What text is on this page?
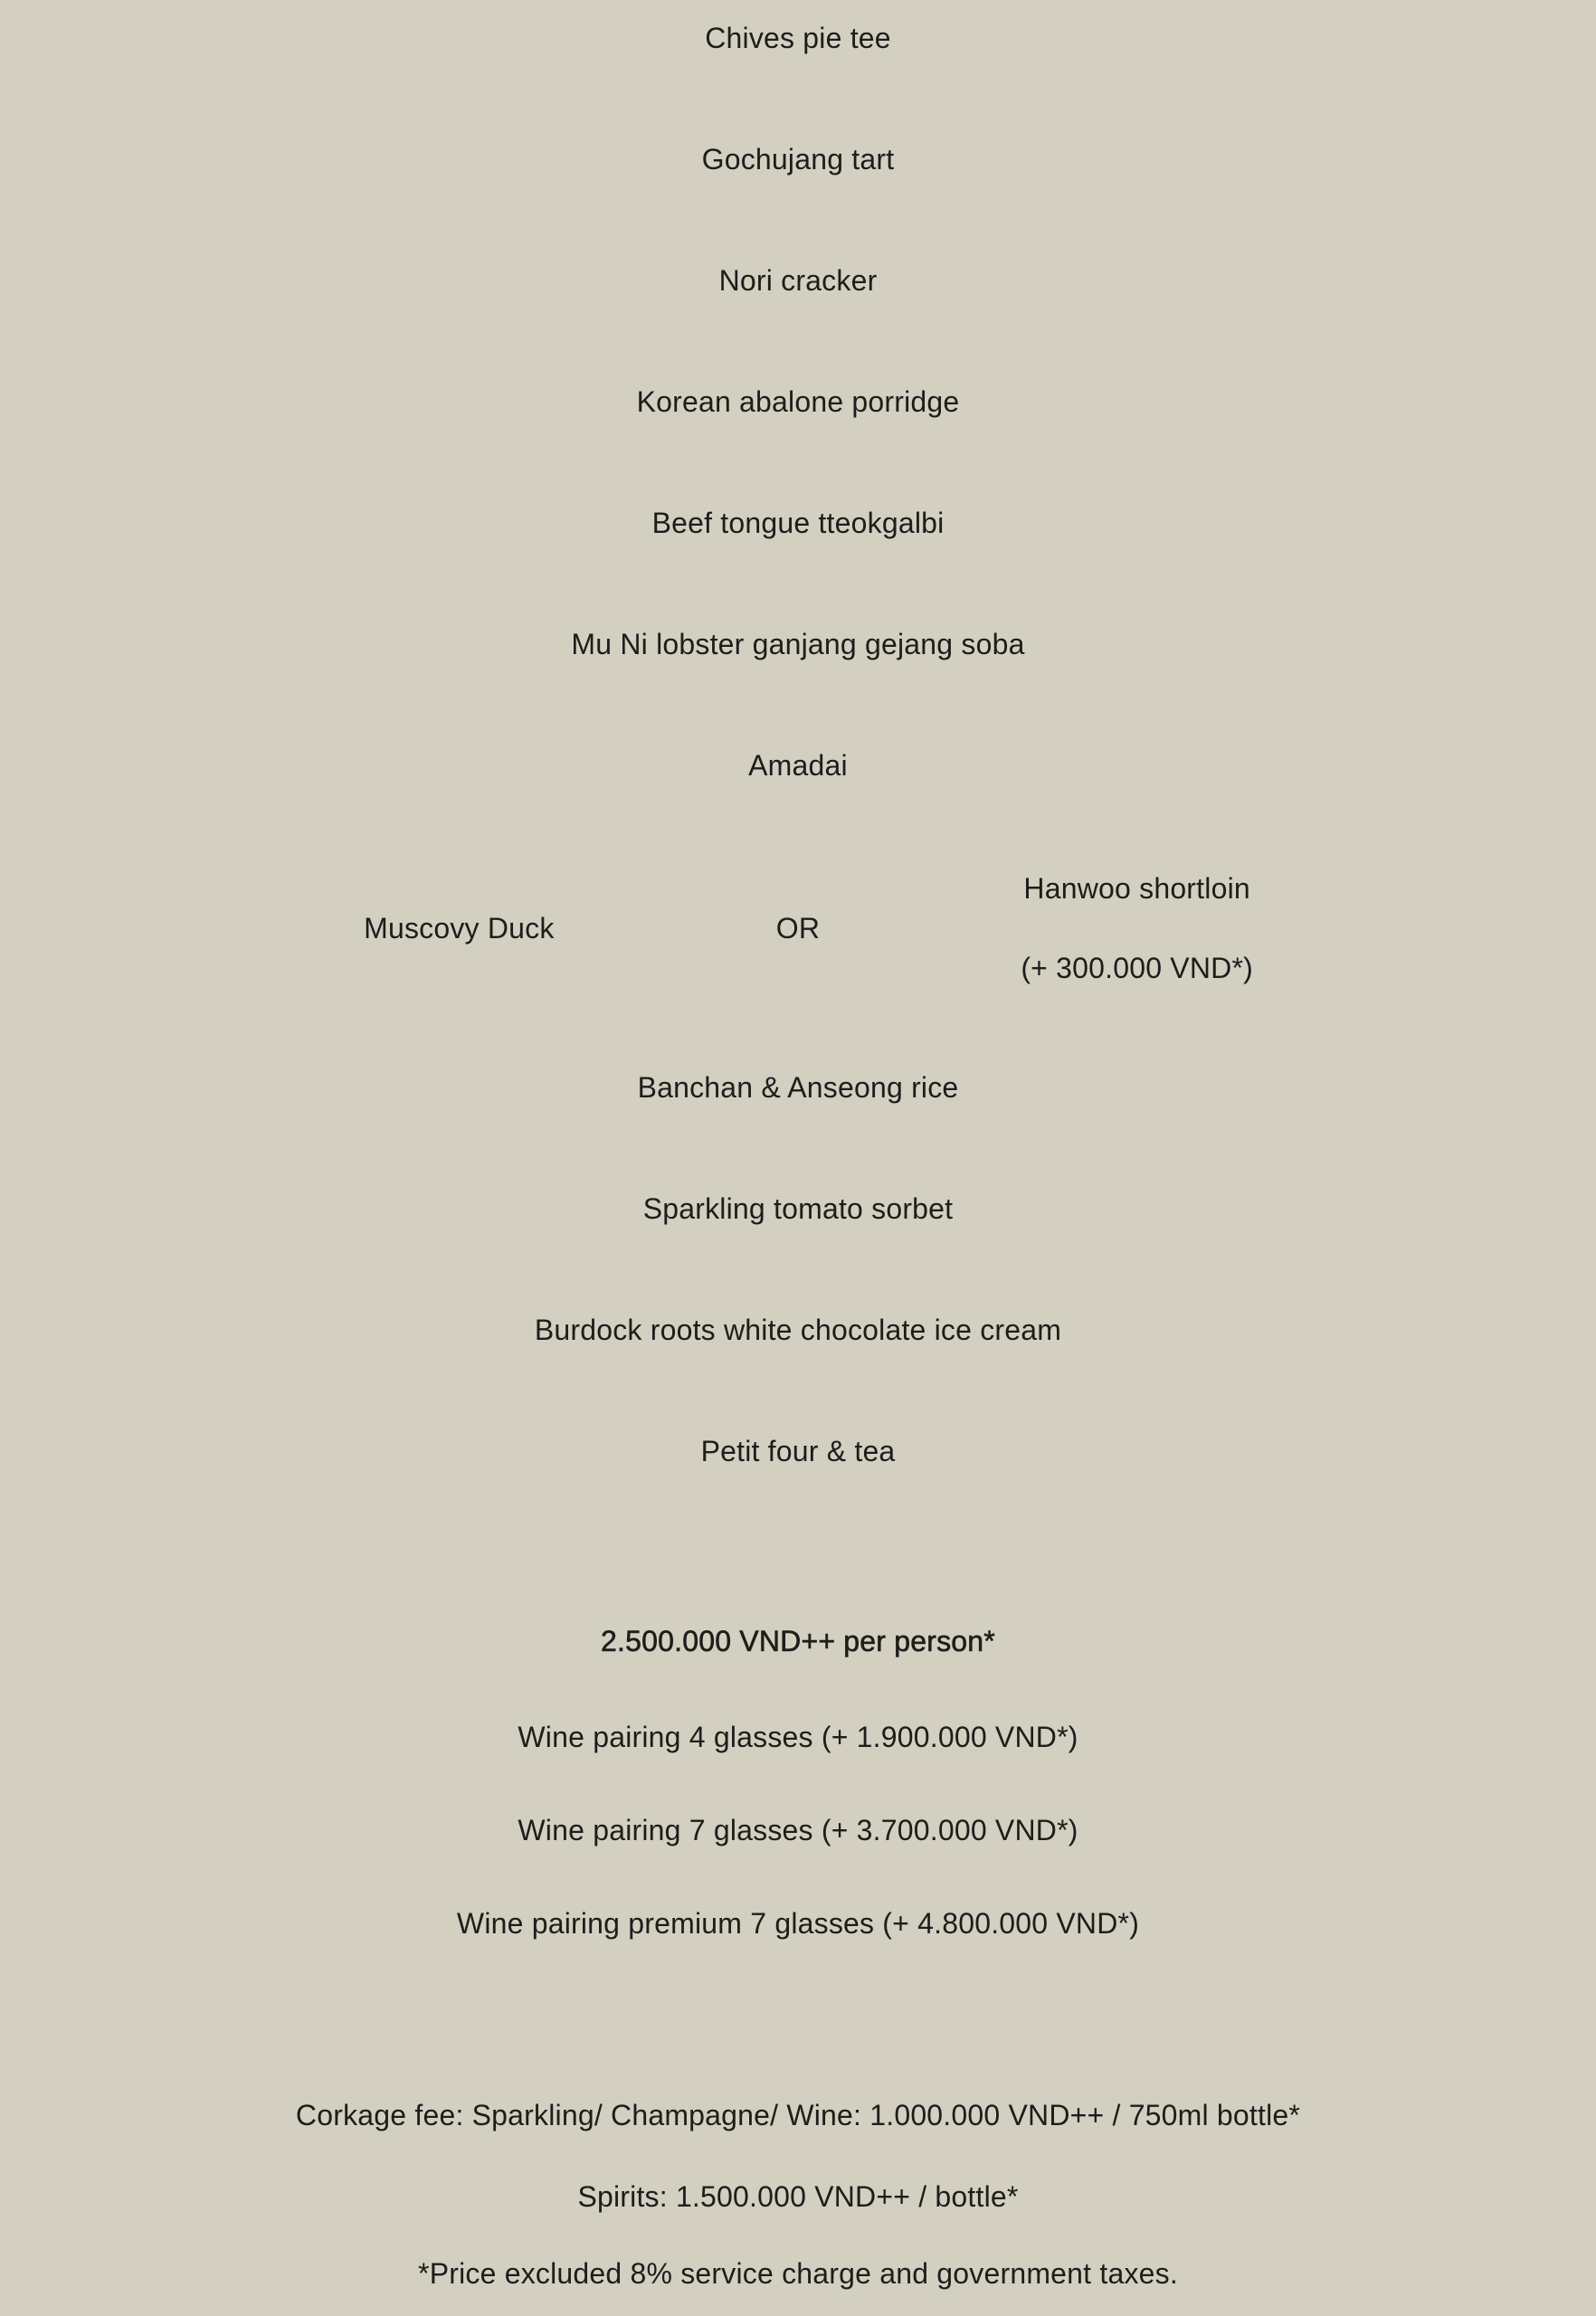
Chives pie tee
Gochujang tart
Nori cracker
Korean abalone porridge
Beef tongue tteokgalbi
Mu Ni lobster ganjang gejang soba
Amadai
Muscovy Duck	OR
Hanwoo shortloin
(+ 300.000 VND*)
Banchan & Anseong rice
Sparkling tomato sorbet
Burdock roots white chocolate ice cream
Petit four & tea
2.500.000 VND++ per person*
Wine pairing 4 glasses (+ 1.900.000 VND*)
Wine pairing 7 glasses (+ 3.700.000 VND*)
Wine pairing premium 7 glasses (+ 4.800.000 VND*)
Corkage fee: Sparkling/ Champagne/ Wine: 1.000.000 VND++ / 750ml bottle*
Spirits: 1.500.000 VND++ / bottle*
*Price excluded 8% service charge and government taxes.
